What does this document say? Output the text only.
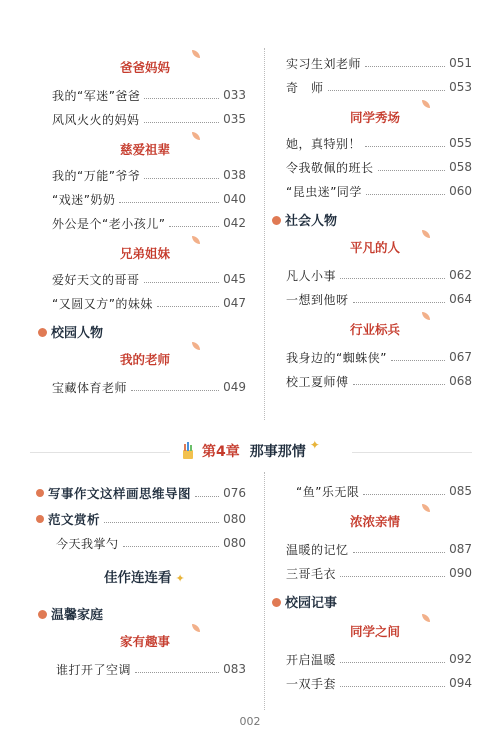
爸爸妈妈
我的“军迷”爸爸	033
风风火火的妈妈	035
慈爱祖辈
我的“万能”爷爷	038
“戏迷”奶奶	040
外公是个“老小孩儿”	042
兄弟姐妹
爱好天文的哥哥	045
“又圆又方”的妹妹	047
校园人物
我的老师
宝藏体育老师	049
实习生刘老师	051
奇　师	053
同学秀场
她，真特别！	055
令我敬佩的班长	058
“昆虫迷”同学	060
社会人物
平凡的人
凡人小事	062
一想到他呀	064
行业标兵
我身边的“蜘蛛侠”	067
校工夏师傅	068
第4章 那事那情 ✦
写事作文这样画思维导图	076
范文赏析	080
今天我掌勺	080
佳作连连看 ✦
温馨家庭
家有趣事
谁打开了空调	083
“鱼”乐无限	085
浓浓亲情
温暖的记忆	087
三哥毛衣	090
校园记事
同学之间
开启温暖	092
一双手套	094
002
